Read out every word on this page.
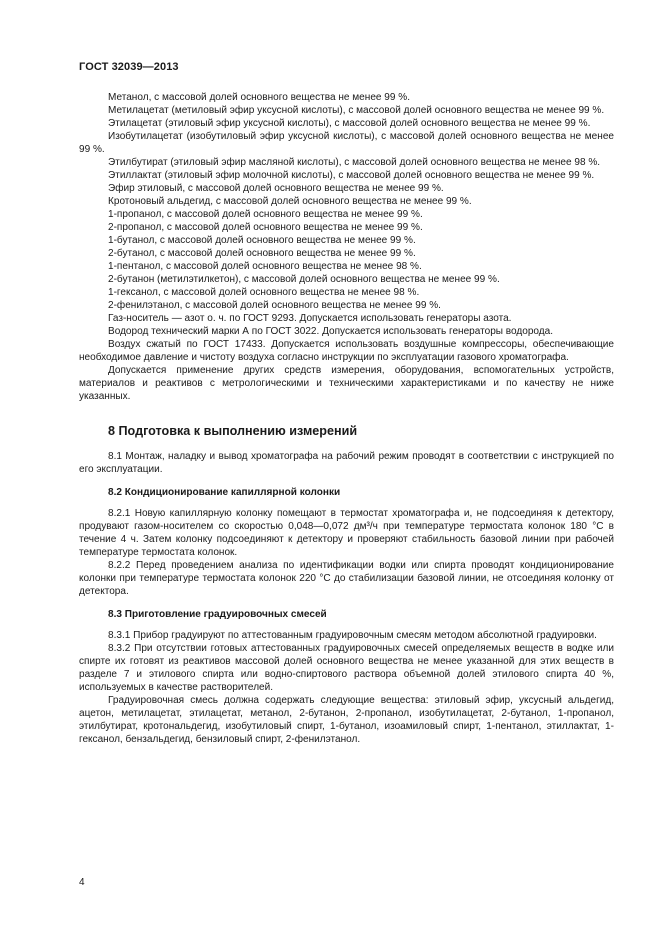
ГОСТ 32039—2013

Метанол, с массовой долей основного вещества не менее 99 %.

Метилацетат (метиловый эфир уксусной кислоты), с массовой долей основного вещества не менее 99 %.

Этилацетат (этиловый эфир уксусной кислоты), с массовой долей основного вещества не менее 99 %.

Изобутилацетат (изобутиловый эфир уксусной кислоты), с массовой долей основного вещества не менее 99 %.

Этилбутират (этиловый эфир масляной кислоты), с массовой долей основного вещества не менее 98 %.

Этиллактат (этиловый эфир молочной кислоты), с массовой долей основного вещества не менее 99 %.

Эфир этиловый, с массовой долей основного вещества не менее 99 %.

Кротоновый альдегид, с массовой долей основного вещества не менее 99 %.

1-пропанол, с массовой долей основного вещества не менее 99 %.

2-пропанол, с массовой долей основного вещества не менее 99 %.

1-бутанол, с массовой долей основного вещества не менее 99 %.

2-бутанол, с массовой долей основного вещества не менее 99 %.

1-пентанол, с массовой долей основного вещества не менее 98 %.

2-бутанон (метилэтилкетон), с массовой долей основного вещества не менее 99 %.

1-гексанол, с массовой долей основного вещества не менее 98 %.

2-фенилэтанол, с массовой долей основного вещества не менее 99 %.

Газ-носитель — азот о. ч. по ГОСТ 9293. Допускается использовать генераторы азота.

Водород технический марки А по ГОСТ 3022. Допускается использовать генераторы водорода.

Воздух сжатый по ГОСТ 17433. Допускается использовать воздушные компрессоры, обеспечивающие необходимое давление и чистоту воздуха согласно инструкции по эксплуатации газового хроматографа.

Допускается применение других средств измерения, оборудования, вспомогательных устройств, материалов и реактивов с метрологическими и техническими характеристиками и по качеству не ниже указанных.

8 Подготовка к выполнению измерений

8.1 Монтаж, наладку и вывод хроматографа на рабочий режим проводят в соответствии с инструкцией по его эксплуатации.

8.2 Кондиционирование капиллярной колонки

8.2.1 Новую капиллярную колонку помещают в термостат хроматографа и, не подсоединяя к детектору, продувают газом-носителем со скоростью 0,048—0,072 дм³/ч при температуре термостата колонок 180 °С в течение 4 ч. Затем колонку подсоединяют к детектору и проверяют стабильность базовой линии при рабочей температуре термостата колонок.

8.2.2 Перед проведением анализа по идентификации водки или спирта проводят кондиционирование колонки при температуре термостата колонок 220 °С до стабилизации базовой линии, не отсоединяя колонку от детектора.

8.3 Приготовление градуировочных смесей

8.3.1 Прибор градуируют по аттестованным градуировочным смесям методом абсолютной градуировки.

8.3.2 При отсутствии готовых аттестованных градуировочных смесей определяемых веществ в водке или спирте их готовят из реактивов массовой долей основного вещества не менее указанной для этих веществ в разделе 7 и этилового спирта или водно-спиртового раствора объемной долей этилового спирта 40 %, используемых в качестве растворителей.

Градуировочная смесь должна содержать следующие вещества: этиловый эфир, уксусный альдегид, ацетон, метилацетат, этилацетат, метанол, 2-бутанон, 2-пропанол, изобутилацетат, 2-бутанол, 1-пропанол, этилбутират, кротональдегид, изобутиловый спирт, 1-бутанол, изоамиловый спирт, 1-пентанол, этиллактат, 1-гексанол, бензальдегид, бензиловый спирт, 2-фенилэтанол.

4
